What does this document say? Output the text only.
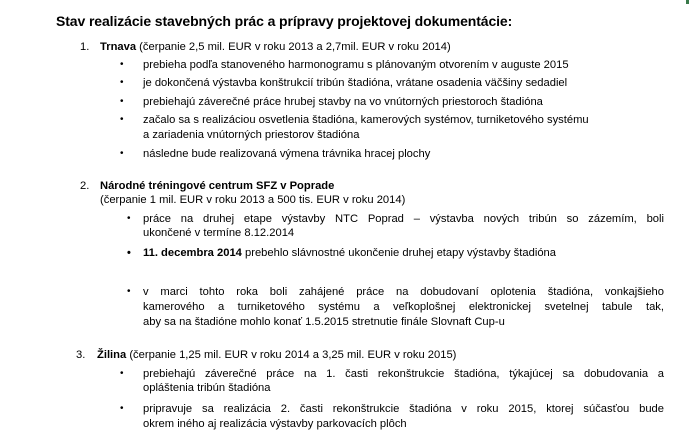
Stav realizácie stavebných prác a prípravy projektovej dokumentácie:
1. Trnava (čerpanie 2,5 mil. EUR v roku 2013 a 2,7mil. EUR v roku 2014)
• prebieha podľa stanoveného harmonogramu s plánovaným otvorením v auguste 2015
• je dokončená výstavba konštrukcií tribún štadióna, vrátane osadenia väčšiny sedadiel
• prebiehajú záverečné práce hrubej stavby na vo vnútorných priestoroch štadióna
• začalo sa s realizáciou osvetlenia štadióna, kamerových systémov, turniketového systému
a zariadenia vnútorných priestorov štadióna
• následne bude realizovaná výmena trávnika hracej plochy
2. Národné tréningové centrum SFZ v Poprade
(čerpanie 1 mil. EUR v roku 2013 a 500 tis. EUR v roku 2014)
• práce na druhej etape výstavby NTC Poprad – výstavba nových tribún so zázemím, boli
ukončené v termíne 8.12.2014
• 11. decembra 2014 prebehlo slávnostné ukončenie druhej etapy výstavby štadióna
• v marci tohto roka boli zahájené práce na dobudovaní oplotenia štadióna, vonkajšieho
kamerového a turniketového systému a veľkoplošnej elektronickej svetelnej tabule tak,
aby sa na štadióne mohlo konať 1.5.2015 stretnutie finále Slovnaft Cup-u
3. Žilina (čerpanie 1,25 mil. EUR v roku 2014 a 3,25 mil. EUR v roku 2015)
• prebiehajú záverečné práce na 1. časti rekonštrukcie štadióna, týkajúcej sa dobudovania a
opláštenia tribún štadióna
• pripravuje sa realizácia 2. časti rekonštrukcie štadióna v roku 2015, ktorej súčasťou bude
okrem iného aj realizácia výstavby parkovacích plôch
